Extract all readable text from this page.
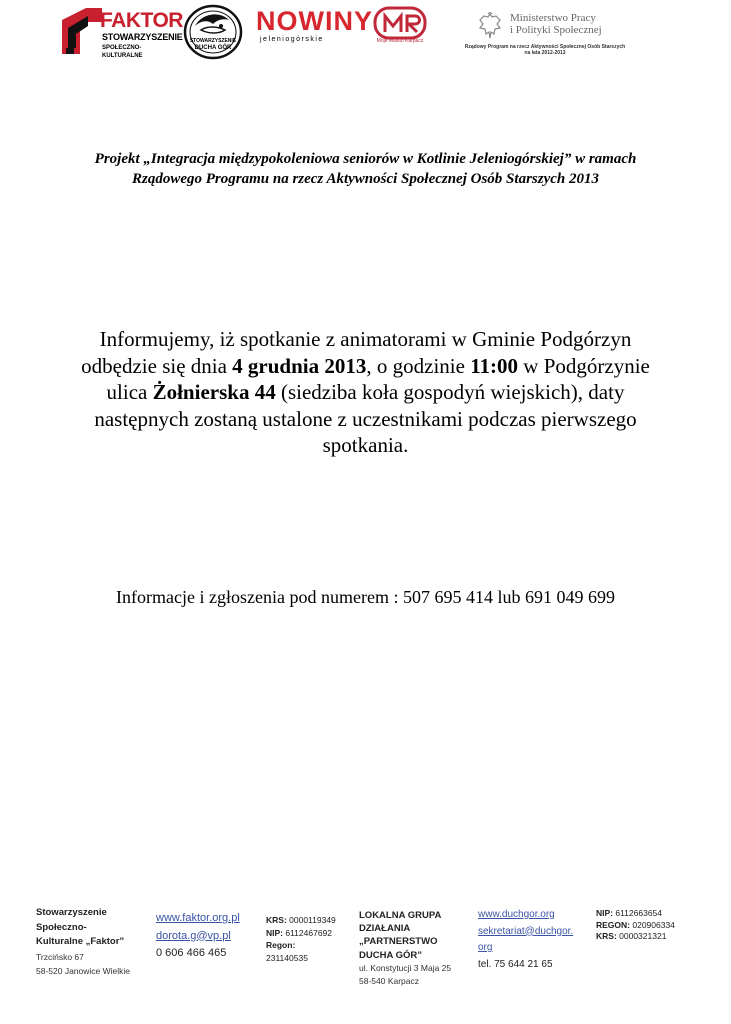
FAKTOR
STOWARZYSZENIE
SPOŁECZNO-KULTURALNE
STOWARZYSZENIE
DUCHA GÓR
NOWINY
jeleniogórskie	Moje Miasto Karpacz
Ministerstwo Pracy
i Polityki Społecznej
Rządowy Program na rzecz Aktywności Społecznej Osób Starszych
na lata 2012-2013
Projekt „Integracja międzypokoleniowa seniorów w Kotlinie Jeleniogórskiej” w ramach
Rządowego Programu na rzecz Aktywności Społecznej Osób Starszych 2013
Informujemy, iż spotkanie z animatorami w Gminie Podgórzyn
odbędzie się dnia 4 grudnia 2013, o godzinie 11:00 w Podgórzynie
ulica Żołnierska 44 (siedziba koła gospodyń wiejskich), daty
następnych zostaną ustalone z uczestnikami podczas pierwszego
spotkania.
Informacje i zgłoszenia pod numerem : 507 695 414 lub 691 049 699
Stowarzyszenie
Społeczno-
Kulturalne „Faktor”
Trzcińsko 67
58-520 Janowice Wielkie
www.faktor.org.pl
dorota.g@vp.pl
0 606 466 465
KRS: 0000119349
NIP: 6112467692
Regon:
231140535
LOKALNA GRUPA
DZIAŁANIA
„PARTNERSTWO
DUCHA GÓR”
ul. Konstytucji 3 Maja 25
58-540 Karpacz
www.duchgor.org
sekretariat@duchgor.
org
tel. 75 644 21 65
NIP: 6112663654
REGON: 020906334
KRS: 0000321321
